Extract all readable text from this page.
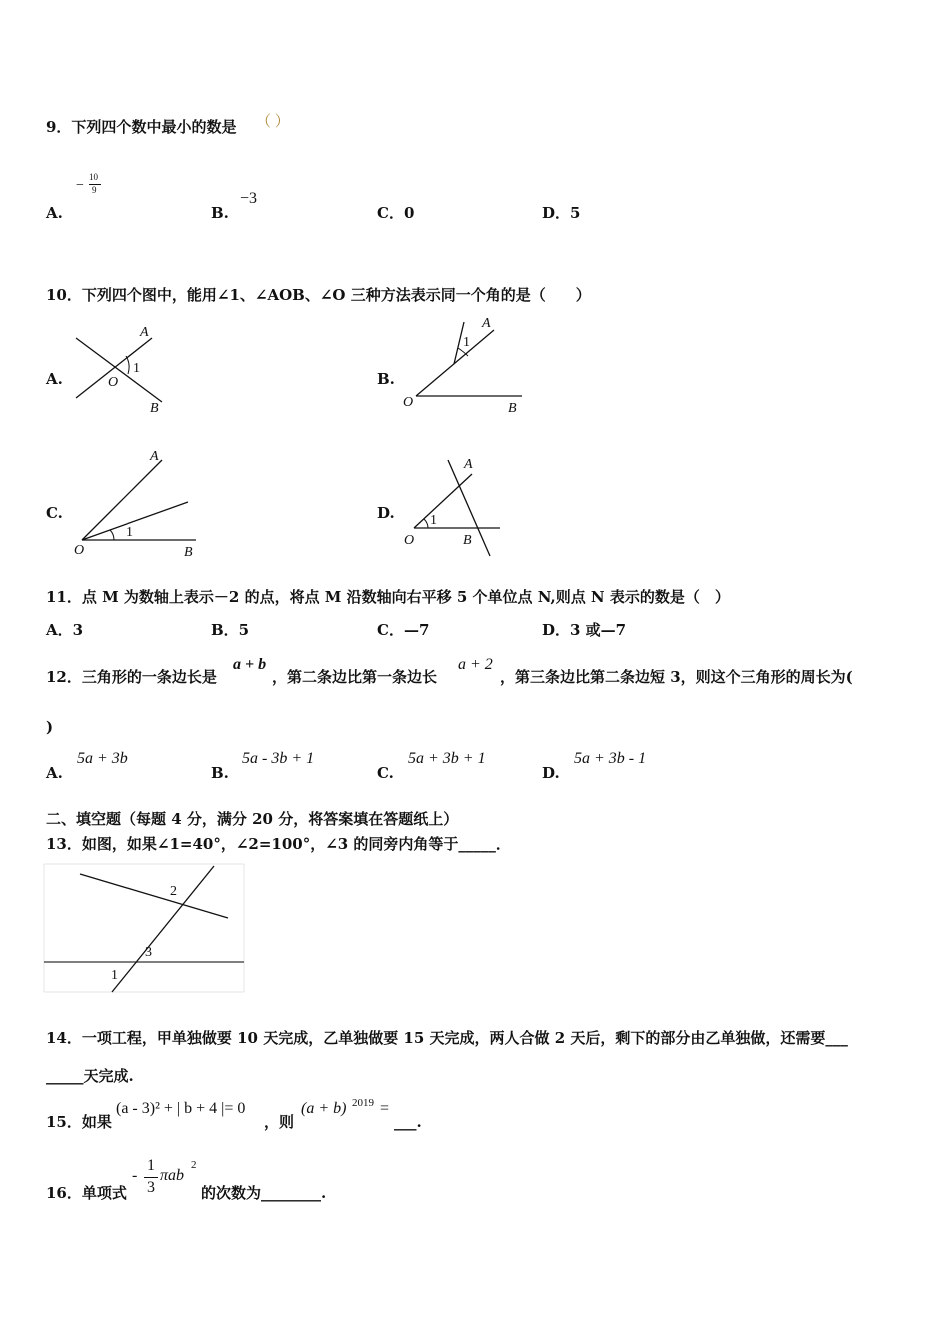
9．下列四个数中最小的数是 （ ）
A.
−
10
9
B.
−3
C．0	D．5
10．下列四个图中，能用∠1、∠AOB、∠O 三种方法表示同一个角的是（　　）
A.
A
1
O
B
B.
A
1
O	B
C.
A
1
O	B
D.
A
1
O	B
11．点 M 为数轴上表示－2 的点，将点 M 沿数轴向右平移 5 个单位点 N,则点 N 表示的数是（　）
A．3	B．5	C．—7	D．3 或—7
12．三角形的一条边长是
a + b
，第二条边比第一条边长
a + 2
，第三条边比第二条边短 3，则这个三角形的周长为(
)
A.
5a + 3b
B.
5a - 3b + 1
C.
5a + 3b + 1
D.
5a + 3b - 1
二、填空题（每题 4 分，满分 20 分，将答案填在答题纸上）
13．如图，如果∠1=40°，∠2=100°，∠3 的同旁内角等于_____．
2
3
1
14．一项工程，甲单独做要 10 天完成，乙单独做要 15 天完成，两人合做 2 天后，剩下的部分由乙单独做，还需要___
_____天完成.
15．如果
(a - 3)² + | b + 4 |= 0
，则
(a + b) 2019 =
___.
16．单项式
-
1
3
πab
2
的次数为________.
